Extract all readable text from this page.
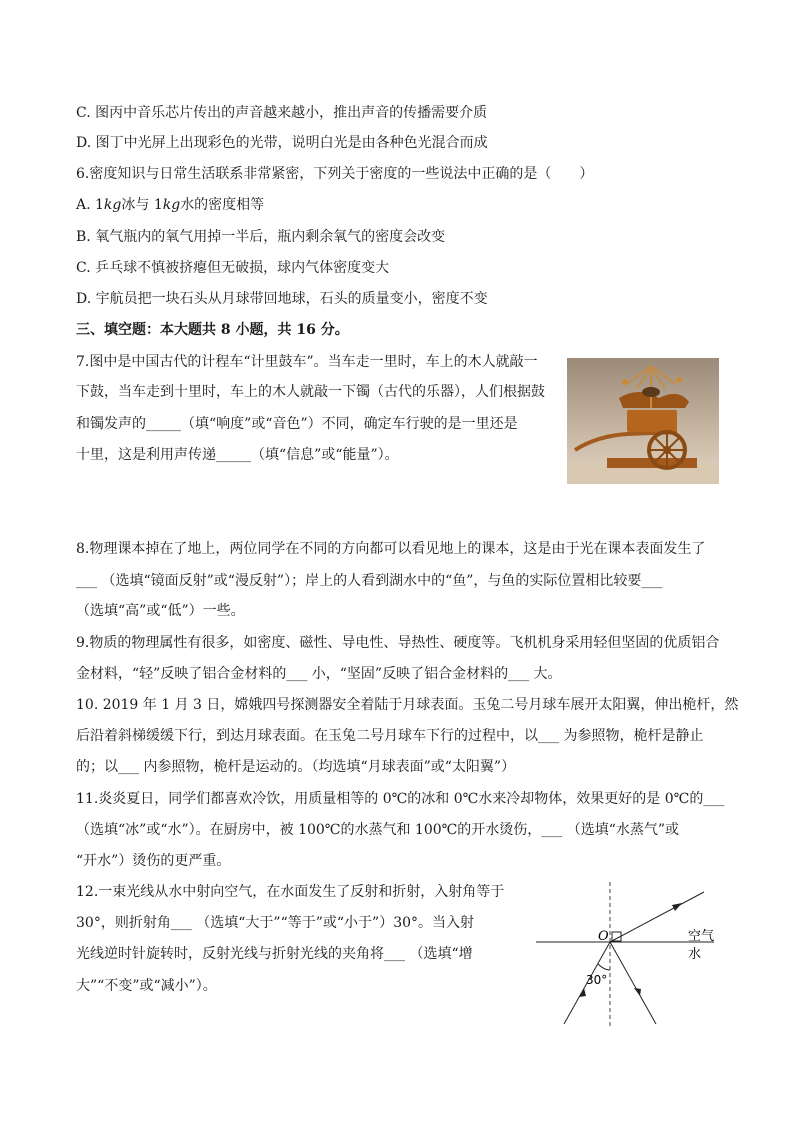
C. 图丙中音乐芯片传出的声音越来越小，推出声音的传播需要介质
D. 图丁中光屏上出现彩色的光带，说明白光是由各种色光混合而成
6.密度知识与日常生活联系非常紧密，下列关于密度的一些说法中正确的是（　　）
A. 1kg冰与 1kg水的密度相等
B. 氧气瓶内的氧气用掉一半后，瓶内剩余氧气的密度会改变
C. 乒乓球不慎被挤瘪但无破损，球内气体密度变大
D. 宇航员把一块石头从月球带回地球，石头的质量变小，密度不变
三、填空题：本大题共 8 小题，共 16 分。
7.图中是中国古代的计程车“计里鼓车”。当车走一里时，车上的木人就敲一
下鼓，当车走到十里时，车上的木人就敲一下镯（古代的乐器），人们根据鼓
和镯发声的_____（填“响度”或“音色”）不同，确定车行驶的是一里还是
十里，这是利用声传递_____（填“信息”或“能量”）。
8.物理课本掉在了地上，两位同学在不同的方向都可以看见地上的课本，这是由于光在课本表面发生了
___ （选填“镜面反射”或“漫反射”）；岸上的人看到湖水中的“鱼”，与鱼的实际位置相比较要___
（选填“高”或“低”）一些。
9.物质的物理属性有很多，如密度、磁性、导电性、导热性、硬度等。飞机机身采用轻但坚固的优质铝合
金材料，“轻”反映了铝合金材料的___ 小，“坚固”反映了铝合金材料的___ 大。
10. 2019 年 1 月 3 日，嫦娥四号探测器安全着陆于月球表面。玉兔二号月球车展开太阳翼，伸出桅杆，然
后沿着斜梯缓缓下行，到达月球表面。在玉兔二号月球车下行的过程中，以___ 为参照物，桅杆是静止
的；以___ 内参照物，桅杆是运动的。（均选填“月球表面”或“太阳翼”）
11.炎炎夏日，同学们都喜欢冷饮，用质量相等的 0℃的冰和 0℃水来冷却物体，效果更好的是 0℃的___
（选填“冰”或“水”）。在厨房中，被 100℃的水蒸气和 100℃的开水烫伤，___ （选填“水蒸气”或
“开水”）烫伤的更严重。
12.一束光线从水中射向空气，在水面发生了反射和折射，入射角等于
30°，则折射角___ （选填“大于”“等于”或“小于”）30°。当入射
光线逆时针旋转时，反射光线与折射光线的夹角将___ （选填“增
大”“不变”或“减小”）。
O	空气
水
30°
